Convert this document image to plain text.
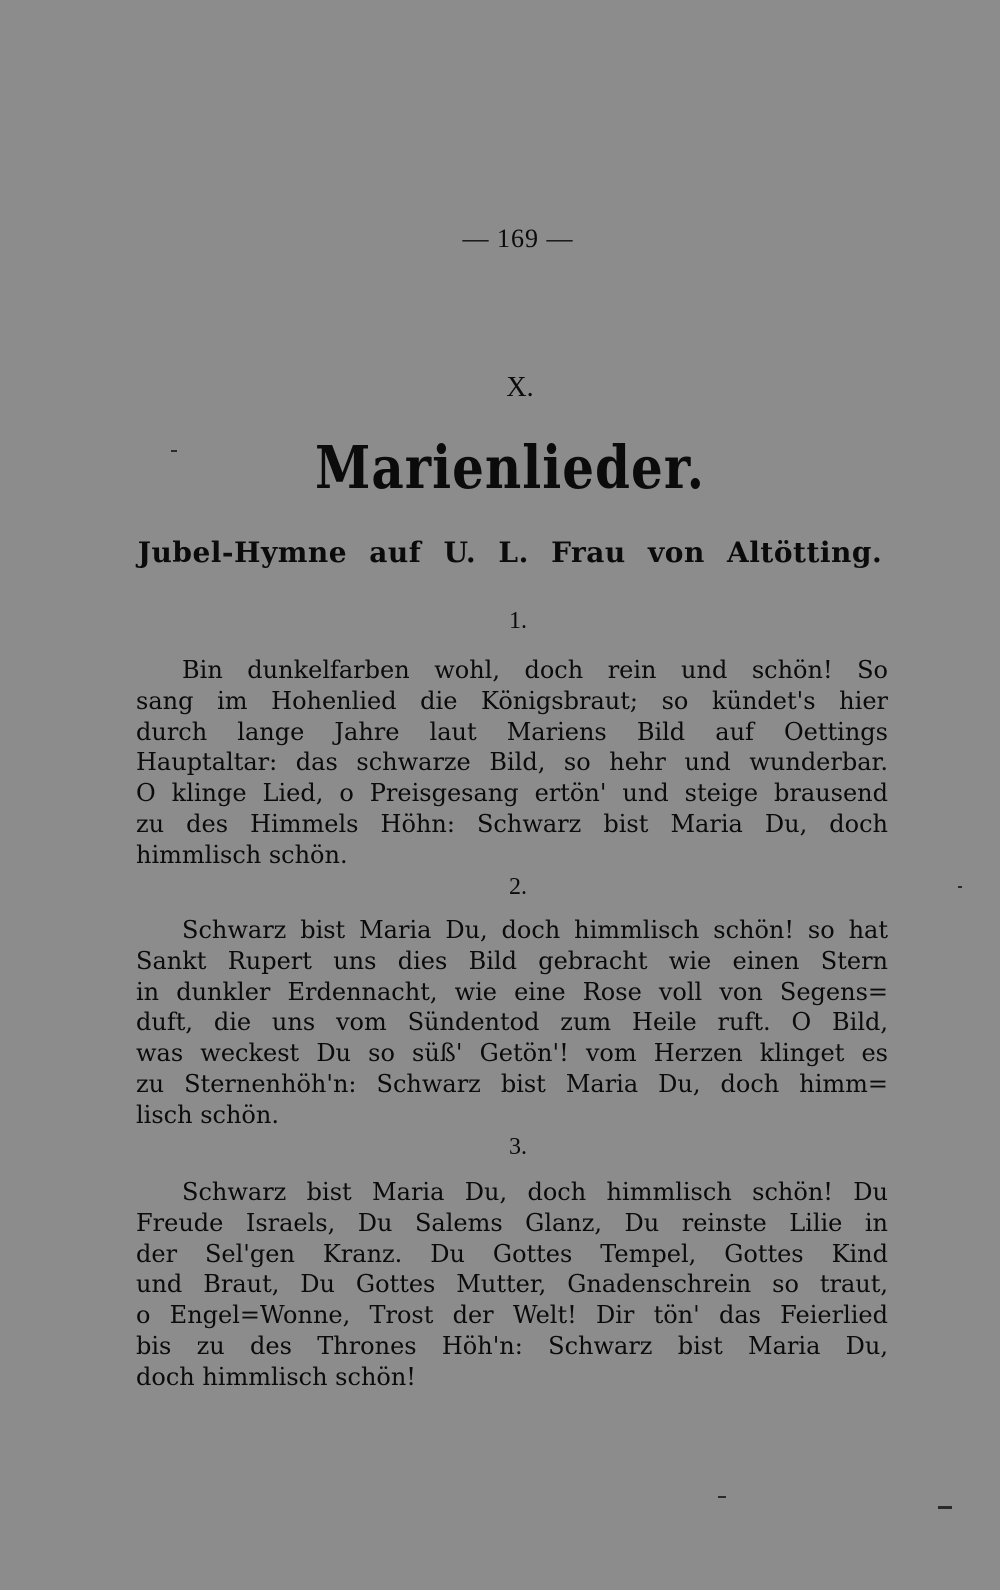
— 169 —
X.
Marienlieder.
Jubel-Hymne auf U. L. Frau von Altötting.
1.
Bin dunkelfarben wohl, doch rein und schön! So
sang im Hohenlied die Königsbraut; so kündet's hier
durch lange Jahre laut Mariens Bild auf Oettings
Hauptaltar: das schwarze Bild, so hehr und wunderbar.
O klinge Lied, o Preisgesang ertön' und steige brausend
zu des Himmels Höhn: Schwarz bist Maria Du, doch
himmlisch schön.
2.
Schwarz bist Maria Du, doch himmlisch schön! so hat
Sankt Rupert uns dies Bild gebracht wie einen Stern
in dunkler Erdennacht, wie eine Rose voll von Segens=
duft, die uns vom Sündentod zum Heile ruft. O Bild,
was weckest Du so süß' Getön'! vom Herzen klinget es
zu Sternenhöh'n: Schwarz bist Maria Du, doch himm=
lisch schön.
3.
Schwarz bist Maria Du, doch himmlisch schön! Du
Freude Israels, Du Salems Glanz, Du reinste Lilie in
der Sel'gen Kranz. Du Gottes Tempel, Gottes Kind
und Braut, Du Gottes Mutter, Gnadenschrein so traut,
o Engel=Wonne, Trost der Welt! Dir tön' das Feierlied
bis zu des Thrones Höh'n: Schwarz bist Maria Du,
doch himmlisch schön!
